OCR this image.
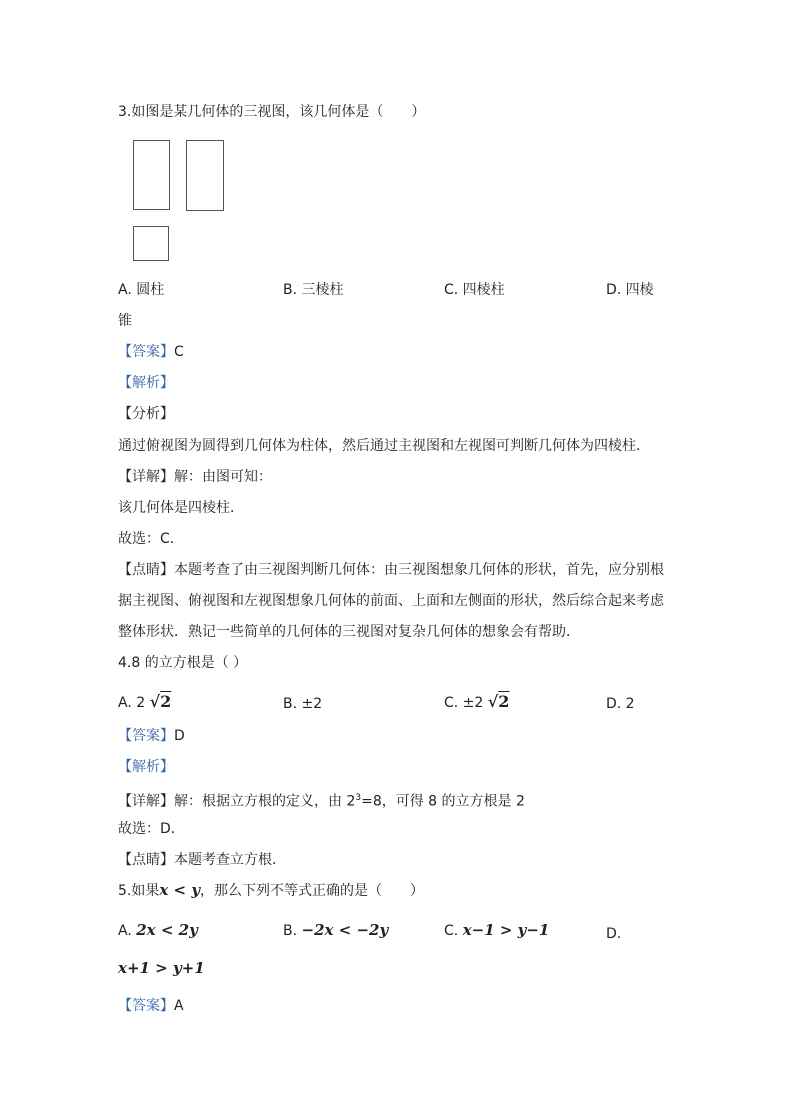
3.如图是某几何体的三视图，该几何体是（　　）
A. 圆柱	B. 三棱柱	C. 四棱柱	D. 四棱
锥
【答案】C
【解析】
【分析】
通过俯视图为圆得到几何体为柱体，然后通过主视图和左视图可判断几何体为四棱柱．
【详解】解：由图可知：
该几何体是四棱柱．
故选：C．
【点睛】本题考查了由三视图判断几何体：由三视图想象几何体的形状，首先，应分别根
据主视图、俯视图和左视图想象几何体的前面、上面和左侧面的形状，然后综合起来考虑
整体形状．熟记一些简单的几何体的三视图对复杂几何体的想象会有帮助．
4.8 的立方根是（ ）
A. 2 √2	B. ±2	C. ±2 √2	D. 2
【答案】D
【解析】
【详解】解：根据立方根的定义，由 $2^3=8$，可得 8 的立方根是 2
故选：D．
【点睛】本题考查立方根．
5.如果x < y，那么下列不等式正确的是（　　）
A. 2x < 2y	B. −2x < −2y	C. x−1 > y−1	D.
x+1 > y+1
【答案】A
